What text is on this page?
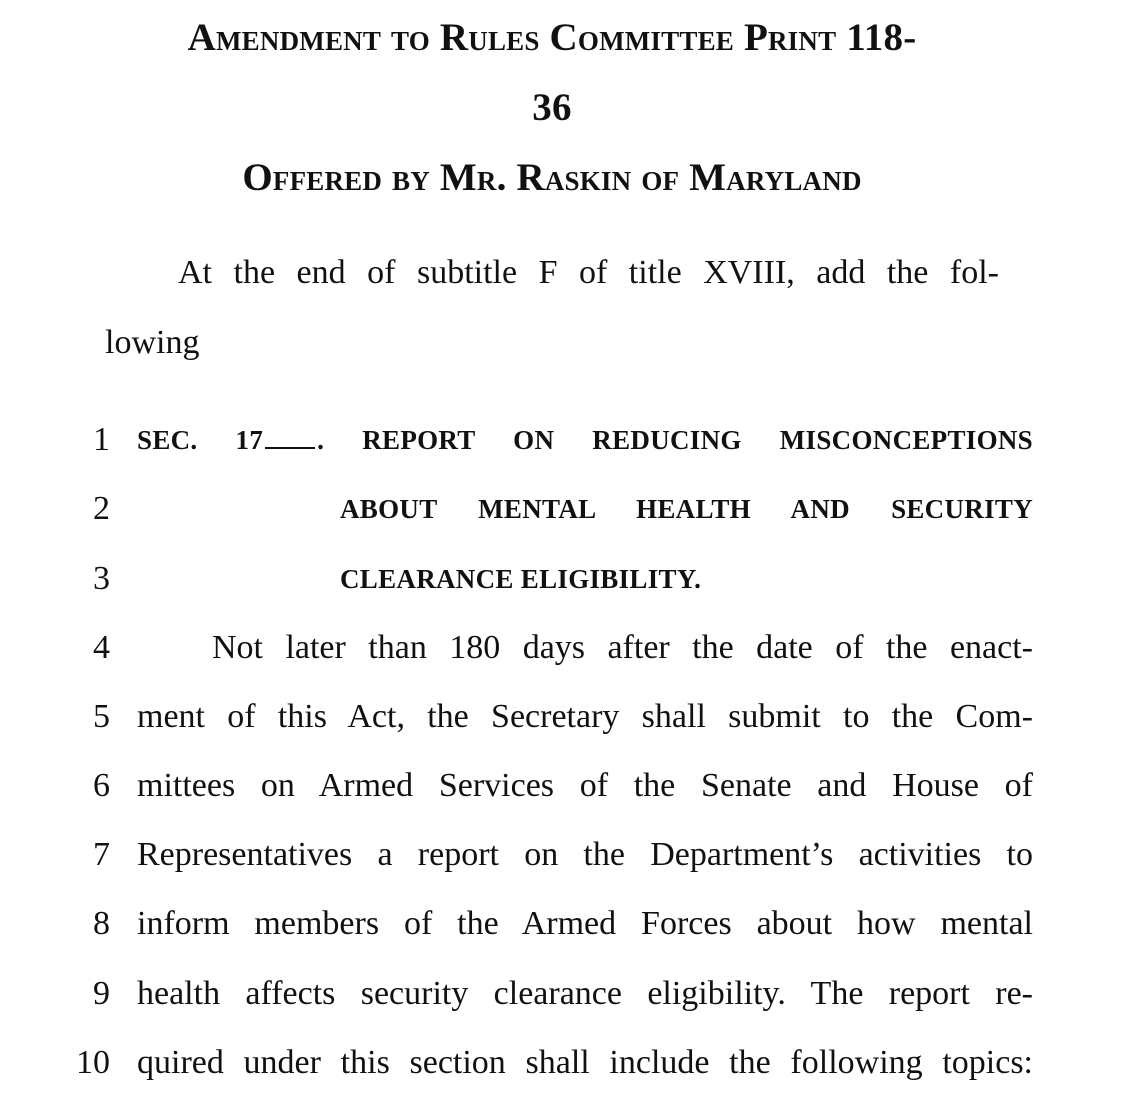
Amendment to Rules Committee Print 118-
36
Offered by Mr. Raskin of Maryland
At the end of subtitle F of title XVIII, add the fol-
lowing
1 SEC. 17 . REPORT ON REDUCING MISCONCEPTIONS
2	ABOUT MENTAL HEALTH AND SECURITY
3	CLEARANCE ELIGIBILITY.
4	Not later than 180 days after the date of the enact-
5 ment of this Act, the Secretary shall submit to the Com-
6 mittees on Armed Services of the Senate and House of
7 Representatives a report on the Department’s activities to
8 inform members of the Armed Forces about how mental
9 health affects security clearance eligibility. The report re-
10 quired under this section shall include the following topics:
